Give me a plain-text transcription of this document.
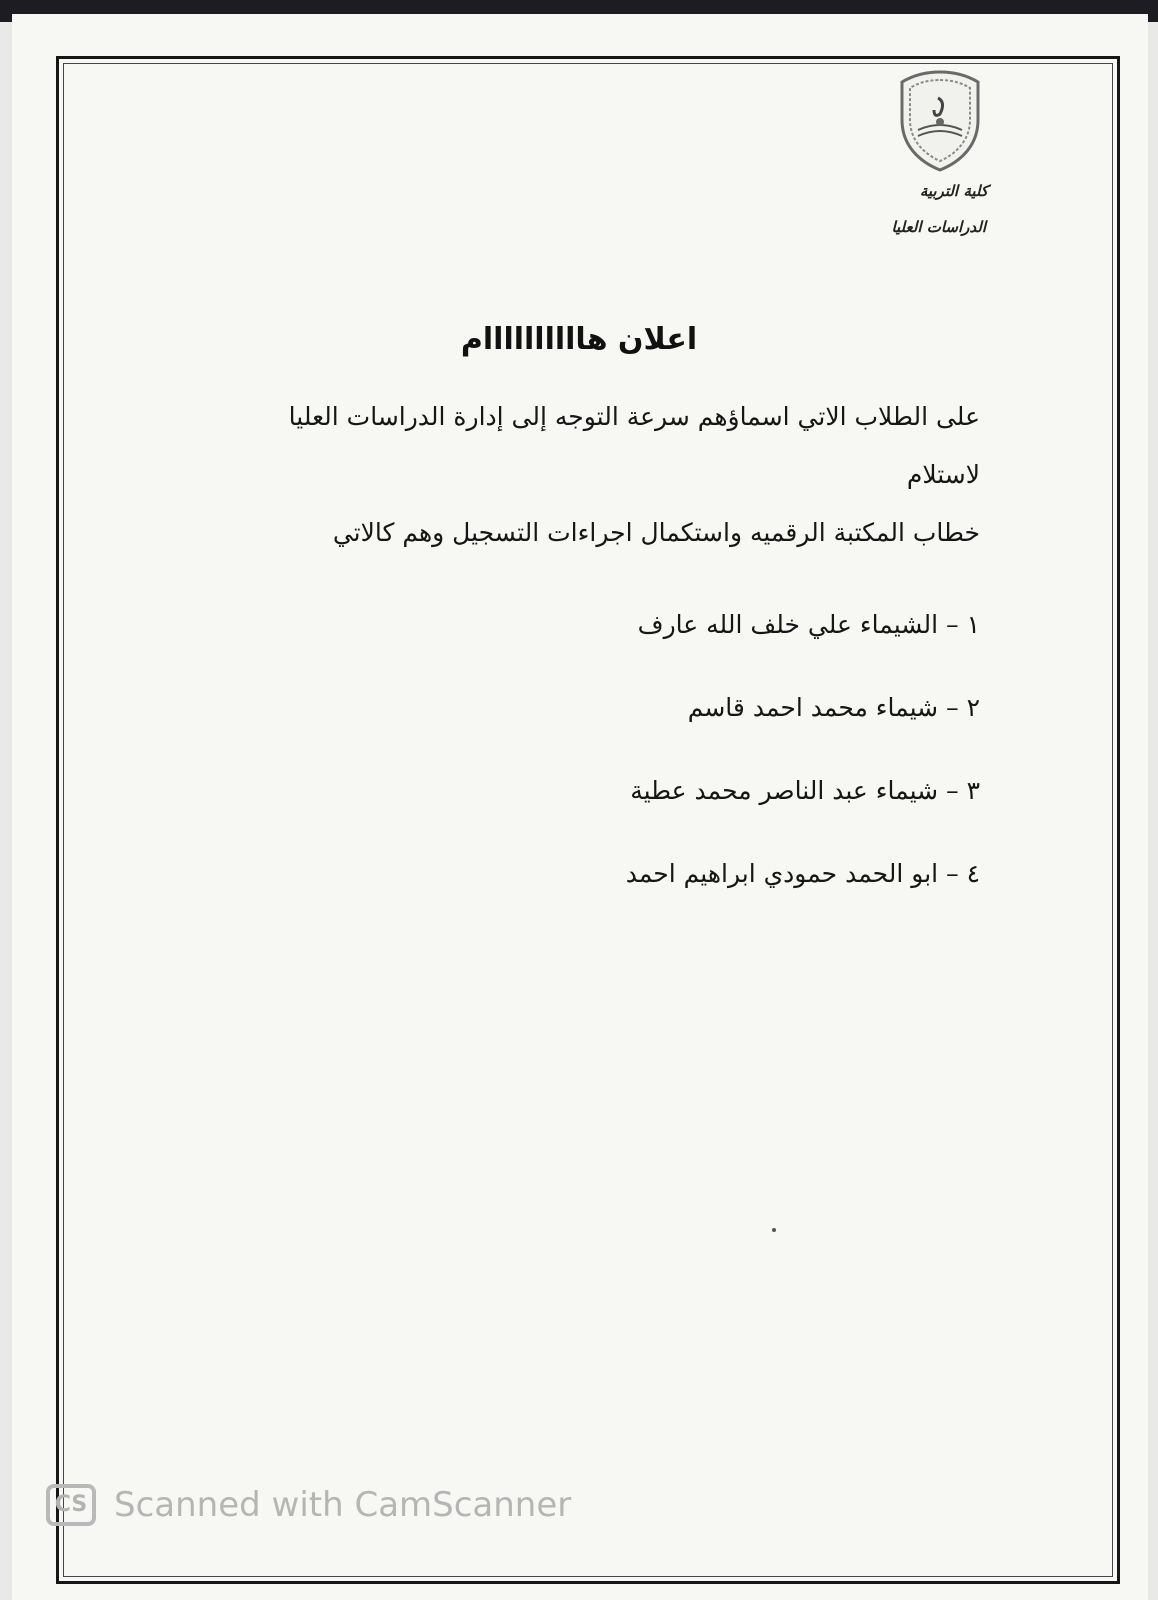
كلية التربية
الدراسات العليا
اعلان هاااااااااام
على الطلاب الاتي اسماؤهم سرعة التوجه إلى إدارة الدراسات العليا لاستلام
خطاب المكتبة الرقميه واستكمال اجراءات التسجيل وهم كالاتي
١ –الشيماء علي خلف الله عارف
٢ –شيماء محمد احمد قاسم
٣ –شيماء عبد الناصر محمد عطية
٤ –ابو الحمد حمودي ابراهيم احمد
CS Scanned with CamScanner
